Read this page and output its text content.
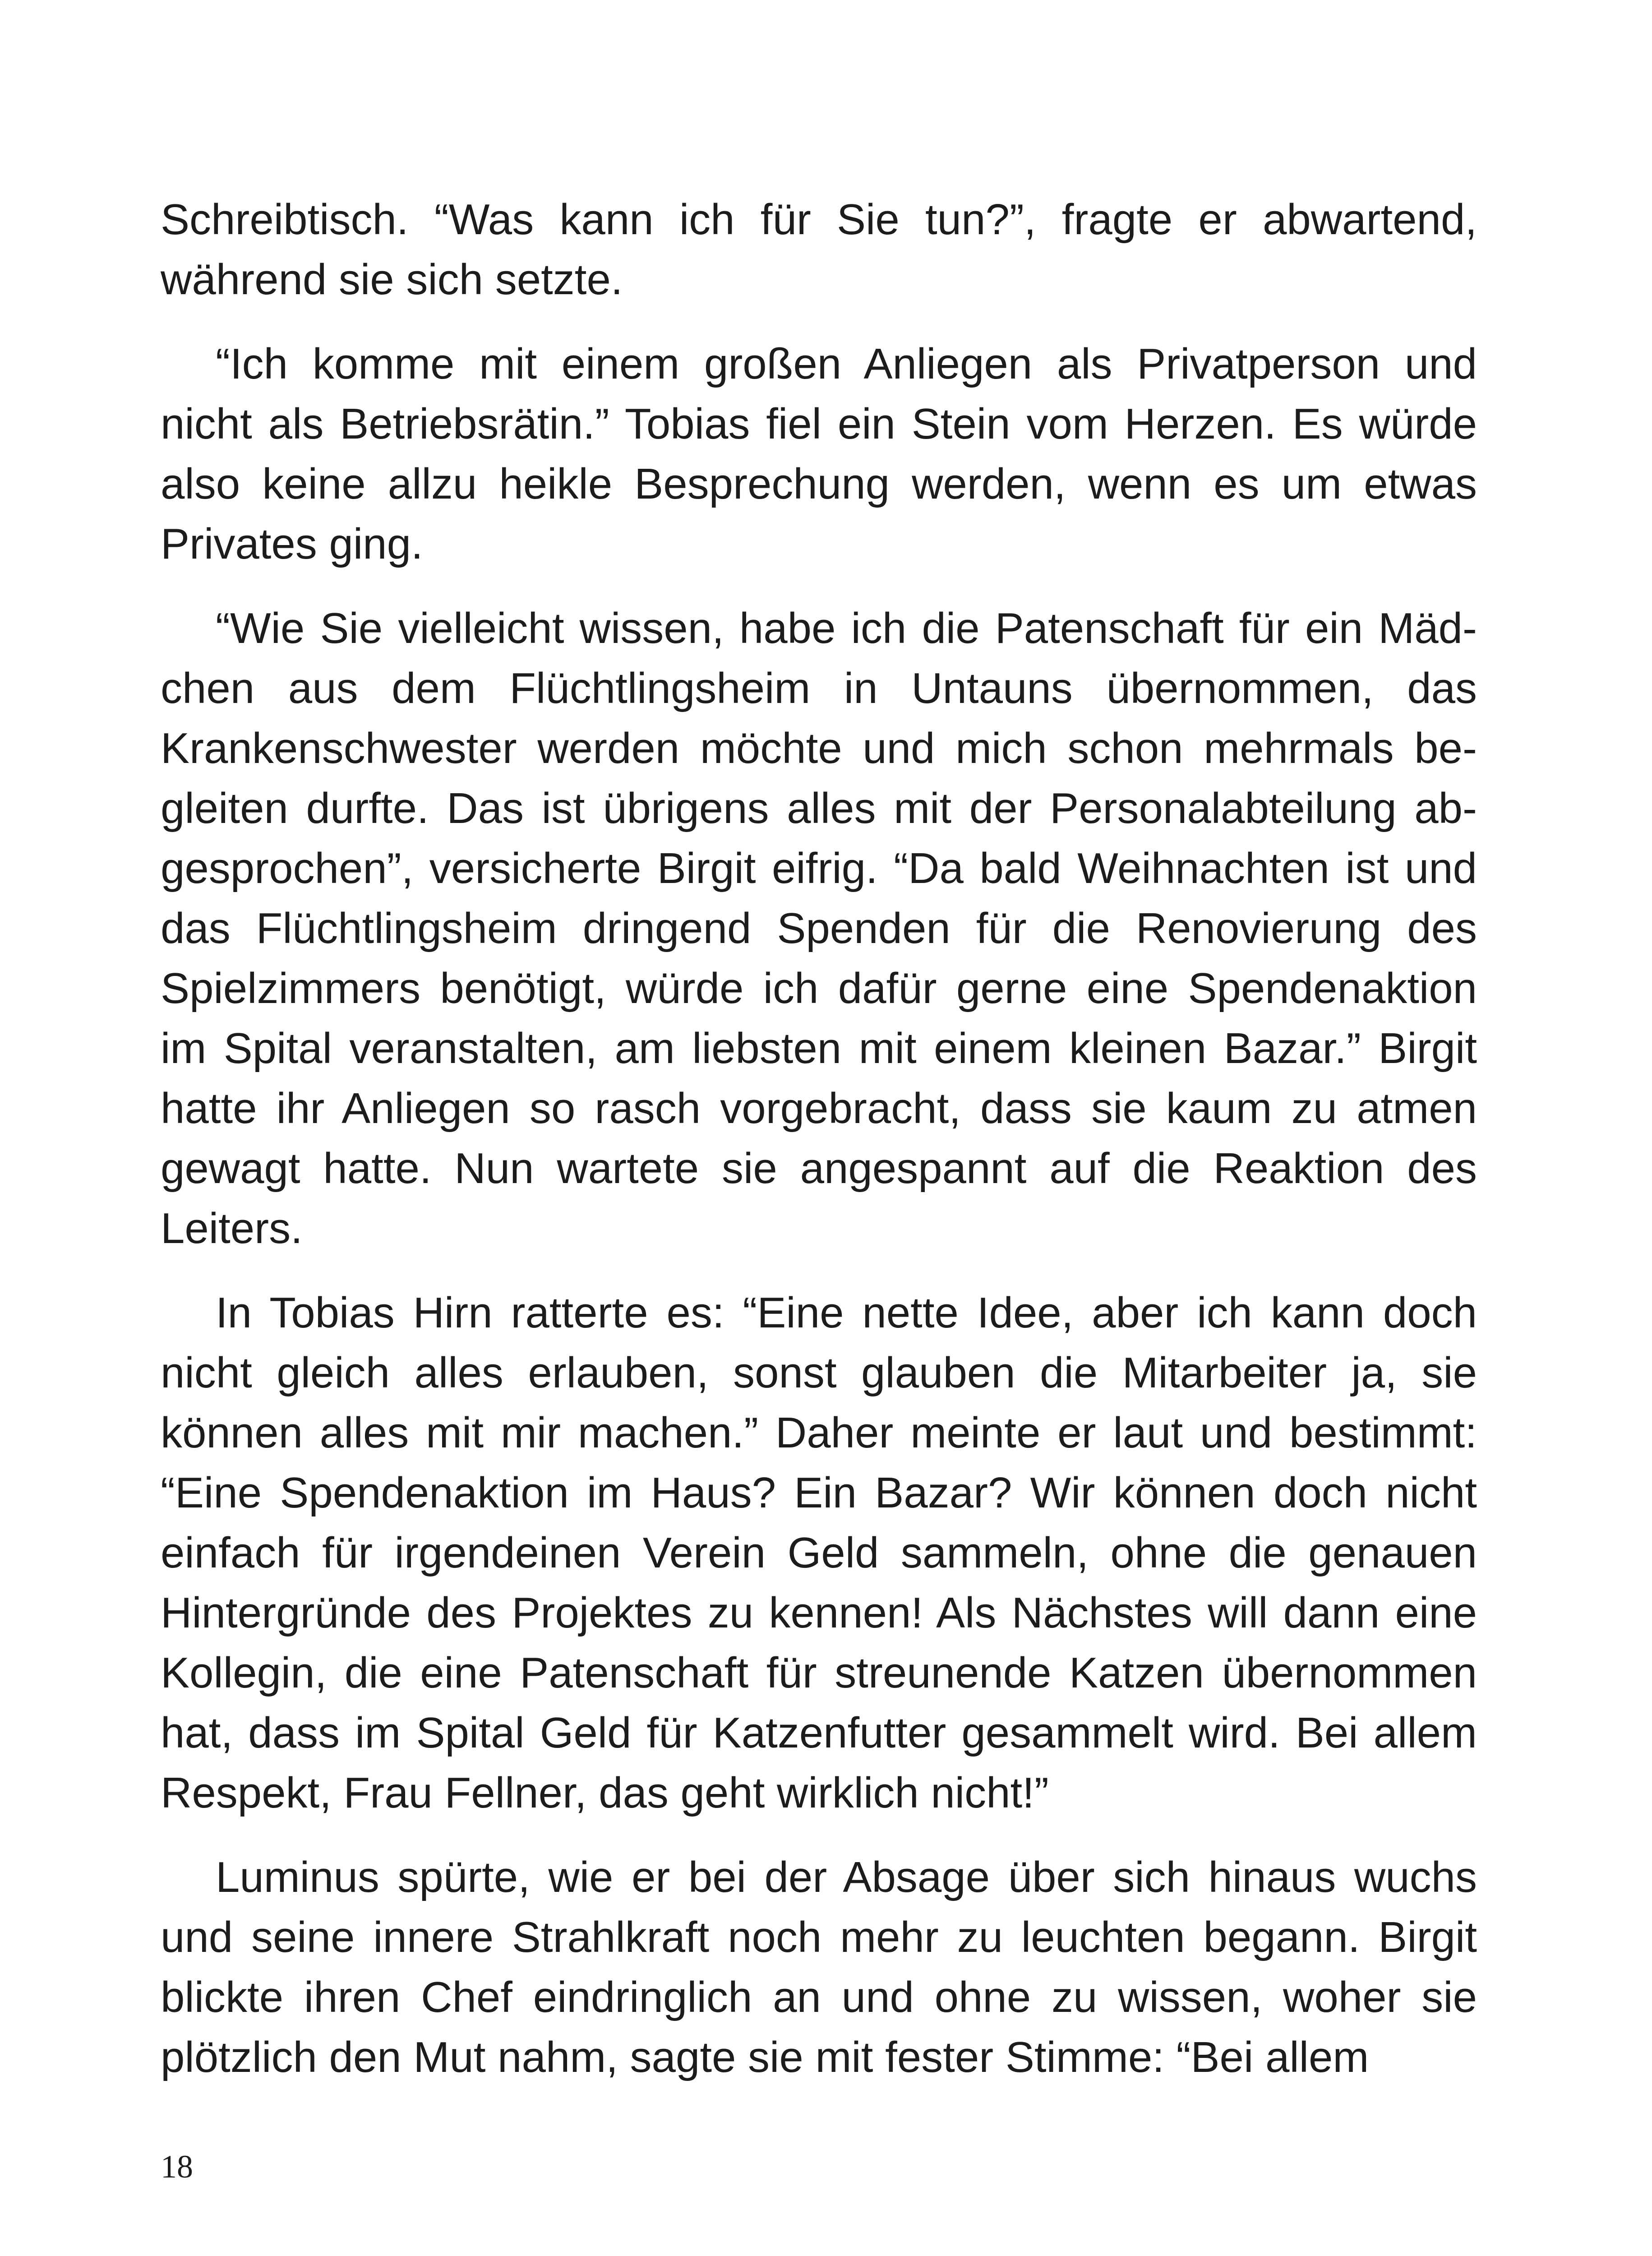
Schreibtisch. “Was kann ich für Sie tun?”, fragte er abwartend, während sie sich setzte.

“Ich komme mit einem großen Anliegen als Privatperson und nicht als Betriebsrätin.” Tobias fiel ein Stein vom Herzen. Es würde also keine allzu heikle Besprechung werden, wenn es um etwas Privates ging.

“Wie Sie vielleicht wissen, habe ich die Patenschaft für ein Mädchen aus dem Flüchtlingsheim in Untauns übernommen, das Krankenschwester werden möchte und mich schon mehrmals begleiten durfte. Das ist übrigens alles mit der Personalabteilung abgesprochen”, versicherte Birgit eifrig. “Da bald Weihnachten ist und das Flüchtlingsheim dringend Spenden für die Renovierung des Spielzimmers benötigt, würde ich dafür gerne eine Spendenaktion im Spital veranstalten, am liebsten mit einem kleinen Bazar.” Birgit hatte ihr Anliegen so rasch vorgebracht, dass sie kaum zu atmen gewagt hatte. Nun wartete sie angespannt auf die Reaktion des Leiters.

In Tobias Hirn ratterte es: “Eine nette Idee, aber ich kann doch nicht gleich alles erlauben, sonst glauben die Mitarbeiter ja, sie können alles mit mir machen.” Daher meinte er laut und bestimmt: “Eine Spendenaktion im Haus? Ein Bazar? Wir können doch nicht einfach für irgendeinen Verein Geld sammeln, ohne die genauen Hintergründe des Projektes zu kennen! Als Nächstes will dann eine Kollegin, die eine Patenschaft für streunende Katzen übernommen hat, dass im Spital Geld für Katzenfutter gesammelt wird. Bei allem Respekt, Frau Fellner, das geht wirklich nicht!”

Luminus spürte, wie er bei der Absage über sich hinaus wuchs und seine innere Strahlkraft noch mehr zu leuchten begann. Birgit blickte ihren Chef eindringlich an und ohne zu wissen, woher sie plötzlich den Mut nahm, sagte sie mit fester Stimme: “Bei allem

18
